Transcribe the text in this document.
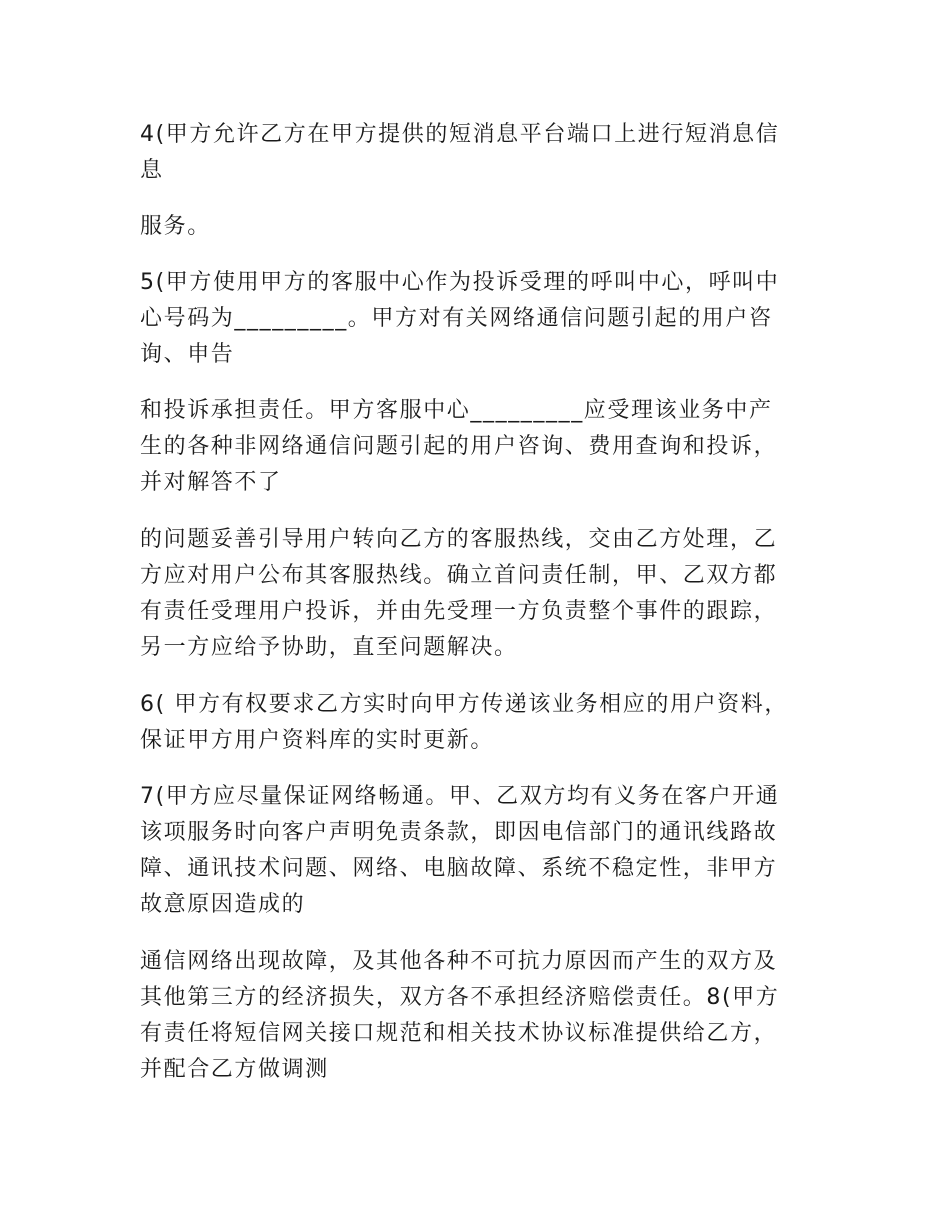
4(甲方允许乙方在甲方提供的短消息平台端口上进行短消息信
息
服务。
5(甲方使用甲方的客服中心作为投诉受理的呼叫中心，呼叫中
心号码为_________。甲方对有关网络通信问题引起的用户咨
询、申告
和投诉承担责任。甲方客服中心_________应受理该业务中产
生的各种非网络通信问题引起的用户咨询、费用查询和投诉，
并对解答不了
的问题妥善引导用户转向乙方的客服热线，交由乙方处理，乙
方应对用户公布其客服热线。确立首问责任制，甲、乙双方都
有责任受理用户投诉，并由先受理一方负责整个事件的跟踪，
另一方应给予协助，直至问题解决。
6( 甲方有权要求乙方实时向甲方传递该业务相应的用户资料，
保证甲方用户资料库的实时更新。
7(甲方应尽量保证网络畅通。甲、乙双方均有义务在客户开通
该项服务时向客户声明免责条款，即因电信部门的通讯线路故
障、通讯技术问题、网络、电脑故障、系统不稳定性，非甲方
故意原因造成的
通信网络出现故障，及其他各种不可抗力原因而产生的双方及
其他第三方的经济损失，双方各不承担经济赔偿责任。8(甲方
有责任将短信网关接口规范和相关技术协议标准提供给乙方，
并配合乙方做调测
